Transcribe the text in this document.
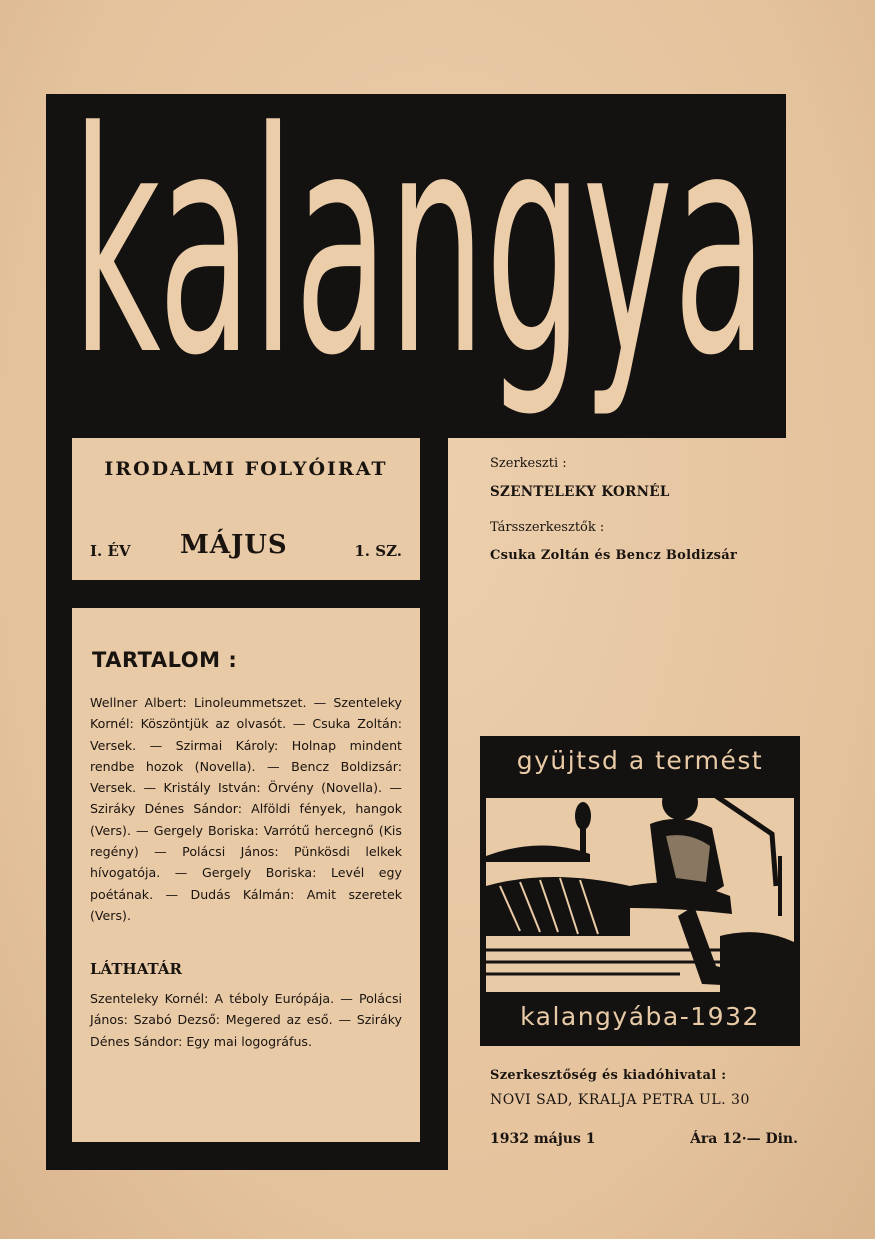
kalangya
IRODALMI FOLYÓIRAT
I. ÉV MÁJUS	1. SZ.
TARTALOM :
Wellner Albert: Linoleummetszet. — Szenteleky Kornél: Köszöntjük az olvasót. — Csuka Zoltán: Versek. — Szirmai Károly: Holnap mindent rendbe hozok (Novella). — Bencz Boldizsár: Versek. — Kristály István: Örvény (Novella). — Sziráky Dénes Sándor: Alföldi fények, hangok (Vers). — Gergely Boriska: Varrótű hercegnő (Kis regény) — Polácsi János: Pünkösdi lelkek hívogatója. — Gergely Boriska: Levél egy poétának. — Dudás Kálmán: Amit szeretek (Vers).
LÁTHATÁR
Szenteleky Kornél: A téboly Európája. — Polácsi János: Szabó Dezső: Megered az eső. — Sziráky Dénes Sándor: Egy mai logográfus.
Szerkeszti :
SZENTELEKY KORNÉL
Társszerkesztők :
Csuka Zoltán és Bencz Boldizsár
gyüjtsd a termést
kalangyába-1932
Szerkesztőség és kiadóhivatal :
NOVI SAD, KRALJA PETRA UL. 30
1932 május 1	Ára 12·— Din.
